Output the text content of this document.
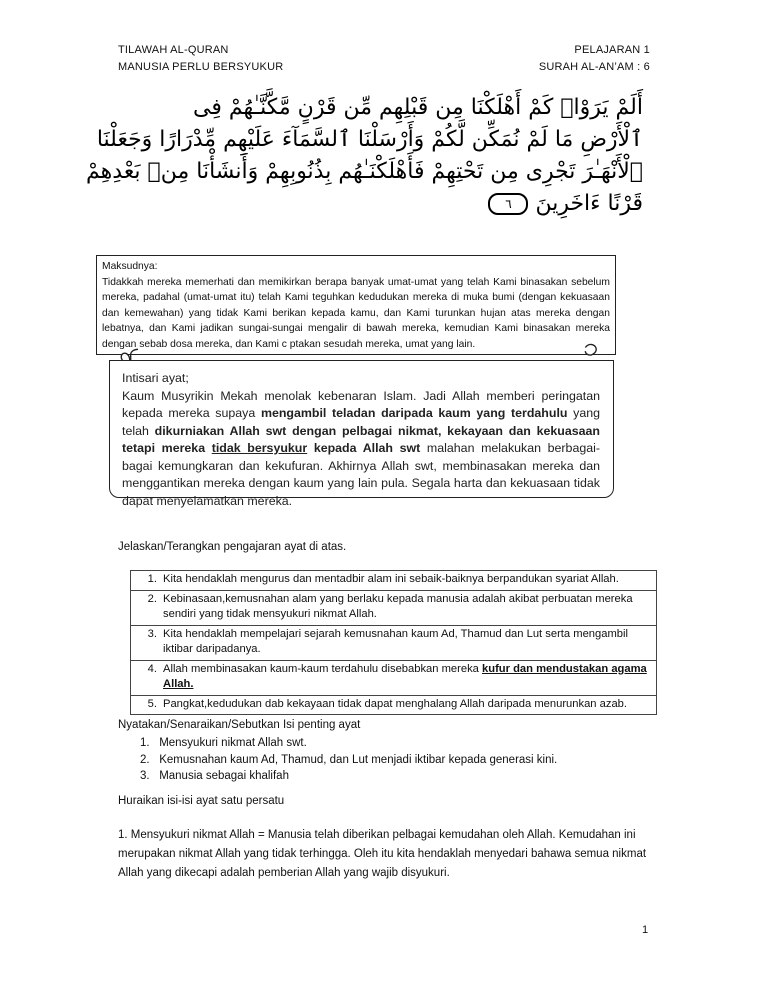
TILAWAH AL-QURAN
MANUSIA PERLU BERSYUKUR
PELAJARAN 1
SURAH AL-AN’AM : 6
أَلَمْ يَرَوْا۟ كَمْ أَهْلَكْنَا مِن قَبْلِهِم مِّن قَرْنٍ مَّكَّنَّـٰهُمْ فِى
ٱلْأَرْضِ مَا لَمْ نُمَكِّن لَّكُمْ وَأَرْسَلْنَا ٱلسَّمَآءَ عَلَيْهِم مِّدْرَارًا وَجَعَلْنَا
ٱلْأَنْهَـٰرَ تَجْرِى مِن تَحْتِهِمْ فَأَهْلَكْنَـٰهُم بِذُنُوبِهِمْ وَأَنشَأْنَا مِنۢ بَعْدِهِمْ
قَرْنًا ءَاخَرِينَ ٦
Maksudnya:
Tidakkah mereka memerhati dan memikirkan berapa banyak umat-umat yang telah Kami binasakan sebelum mereka, padahal (umat-umat itu) telah Kami teguhkan kedudukan mereka di muka bumi (dengan kekuasaan dan kemewahan) yang tidak Kami berikan kepada kamu, dan Kami turunkan hujan atas mereka dengan lebatnya, dan Kami jadikan sungai-sungai mengalir di bawah mereka, kemudian Kami binasakan mereka dengan sebab dosa mereka, dan Kami c ptakan sesudah mereka, umat yang lain.
Intisari ayat;
Kaum Musyrikin Mekah menolak kebenaran Islam. Jadi Allah memberi peringatan kepada mereka supaya mengambil teladan daripada kaum yang terdahulu yang telah dikurniakan Allah swt dengan pelbagai nikmat, kekayaan dan kekuasaan tetapi mereka tidak bersyukur kepada Allah swt malahan melakukan berbagai-bagai kemungkaran dan kekufuran. Akhirnya Allah swt, membinasakan mereka dan menggantikan mereka dengan kaum yang lain pula. Segala harta dan kekuasaan tidak dapat menyelamatkan mereka.
Jelaskan/Terangkan pengajaran ayat di atas.
1.	Kita hendaklah mengurus dan mentadbir alam ini sebaik-baiknya berpandukan syariat Allah.
2.	Kebinasaan,kemusnahan alam yang berlaku kepada manusia adalah akibat perbuatan mereka sendiri yang tidak mensyukuri nikmat Allah.
3.	Kita hendaklah mempelajari sejarah kemusnahan kaum Ad, Thamud dan Lut serta mengambil iktibar daripadanya.
4.	Allah membinasakan kaum-kaum terdahulu disebabkan mereka kufur dan mendustakan agama Allah.
5.	Pangkat,kedudukan dab kekayaan tidak dapat menghalang Allah daripada menurunkan azab.
Nyatakan/Senaraikan/Sebutkan Isi penting ayat
1. Mensyukuri nikmat Allah swt.
2. Kemusnahan kaum Ad, Thamud, dan Lut menjadi iktibar kepada generasi kini.
3. Manusia sebagai khalifah
Huraikan isi-isi ayat satu persatu
1. Mensyukuri nikmat Allah = Manusia telah diberikan pelbagai kemudahan oleh Allah. Kemudahan ini merupakan nikmat Allah yang tidak terhingga. Oleh itu kita hendaklah menyedari bahawa semua nikmat Allah yang dikecapi adalah pemberian Allah yang wajib disyukuri.
1
